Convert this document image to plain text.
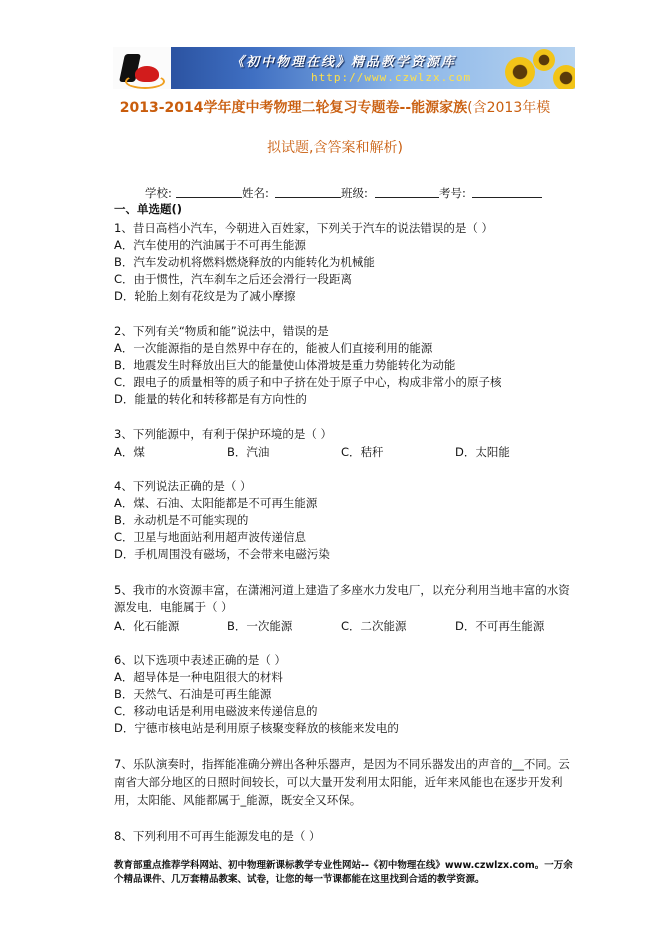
《初中物理在线》精品教学资源库
http://www.czwlzx.com
2013-2014学年度中考物理二轮复习专题卷--能源家族(含2013年模
拟试题,含答案和解析)
学校:	姓名:	班级:	考号:
一、单选题()
1、昔日高档小汽车，今朝进入百姓家，下列关于汽车的说法错误的是（ ）
A．汽车使用的汽油属于不可再生能源
B．汽车发动机将燃料燃烧释放的内能转化为机械能
C．由于惯性，汽车刹车之后还会滑行一段距离
D．轮胎上刻有花纹是为了减小摩擦
2、下列有关“物质和能”说法中，错误的是
A．一次能源指的是自然界中存在的，能被人们直接利用的能源
B．地震发生时释放出巨大的能量使山体滑坡是重力势能转化为动能
C．跟电子的质量相等的质子和中子挤在处于原子中心，构成非常小的原子核
D．能量的转化和转移都是有方向性的
3、下列能源中，有利于保护环境的是（ ）
A．煤	B．汽油	C．秸秆	D．太阳能
4、下列说法正确的是（ ）
A．煤、石油、太阳能都是不可再生能源
B．永动机是不可能实现的
C．卫星与地面站利用超声波传递信息
D．手机周围没有磁场，不会带来电磁污染
5、我市的水资源丰富，在潇湘河道上建造了多座水力发电厂，以充分利用当地丰富的水资
源发电．电能属于（ ）
A．化石能源	B．一次能源	C．二次能源	D．不可再生能源
6、以下选项中表述正确的是（ ）
A．超导体是一种电阻很大的材料
B．天然气、石油是可再生能源
C．移动电话是利用电磁波来传递信息的
D．宁德市核电站是利用原子核聚变释放的核能来发电的
7、乐队演奏时，指挥能准确分辨出各种乐器声，是因为不同乐器发出的声音的__不同。云
南省大部分地区的日照时间较长，可以大量开发利用太阳能，近年来风能也在逐步开发利
用，太阳能、风能都属于_能源，既安全又环保。
8、下列利用不可再生能源发电的是（ ）
教育部重点推荐学科网站、初中物理新课标教学专业性网站--《初中物理在线》www.czwlzx.com。一万余
个精品课件、几万套精品教案、试卷，让您的每一节课都能在这里找到合适的教学资源。
